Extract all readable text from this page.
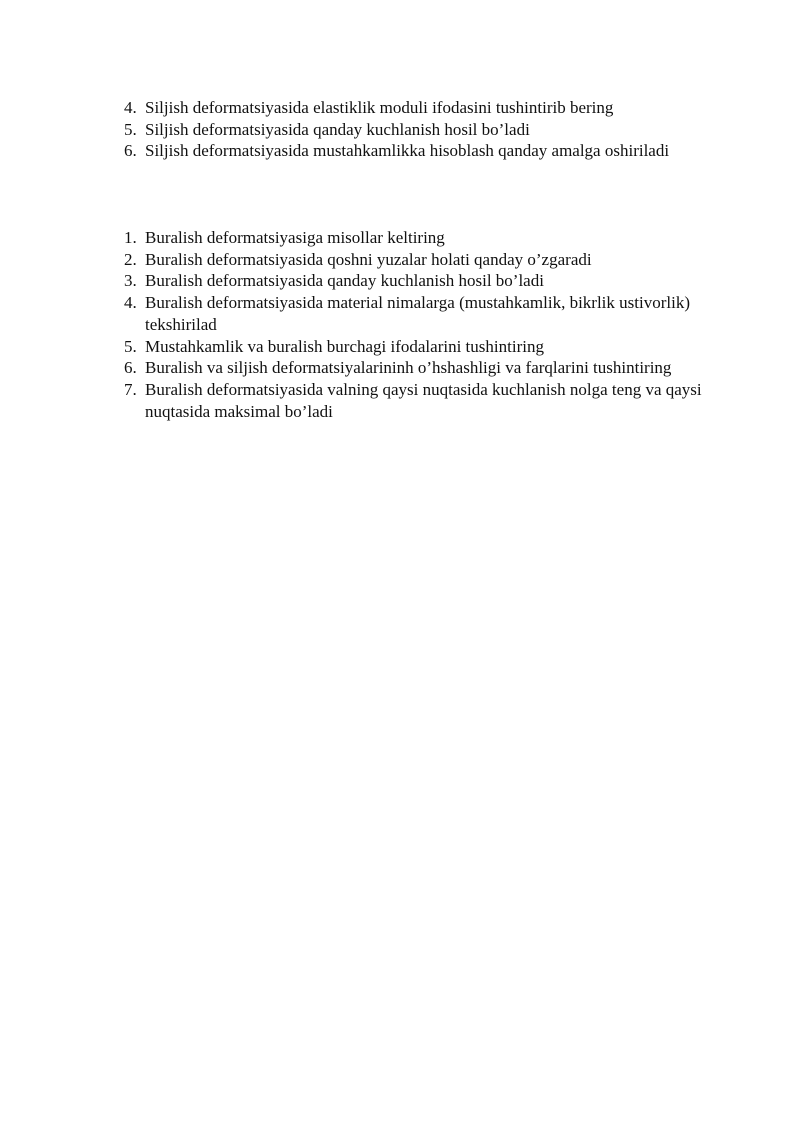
4. Siljish deformatsiyasida elastiklik moduli ifodasini tushintirib bering
5. Siljish deformatsiyasida qanday kuchlanish hosil bo’ladi
6. Siljish deformatsiyasida mustahkamlikka hisoblash qanday amalga oshiriladi
1. Buralish deformatsiyasiga misollar keltiring
2. Buralish deformatsiyasida qoshni yuzalar holati qanday o’zgaradi
3. Buralish deformatsiyasida qanday kuchlanish hosil bo’ladi
4. Buralish deformatsiyasida material nimalarga (mustahkamlik, bikrlik ustivorlik) tekshirilad
5. Mustahkamlik va buralish burchagi ifodalarini tushintiring
6. Buralish va siljish deformatsiyalarininh o’hshashligi va farqlarini tushintiring
7. Buralish deformatsiyasida valning qaysi nuqtasida kuchlanish nolga teng va qaysi nuqtasida maksimal bo’ladi
